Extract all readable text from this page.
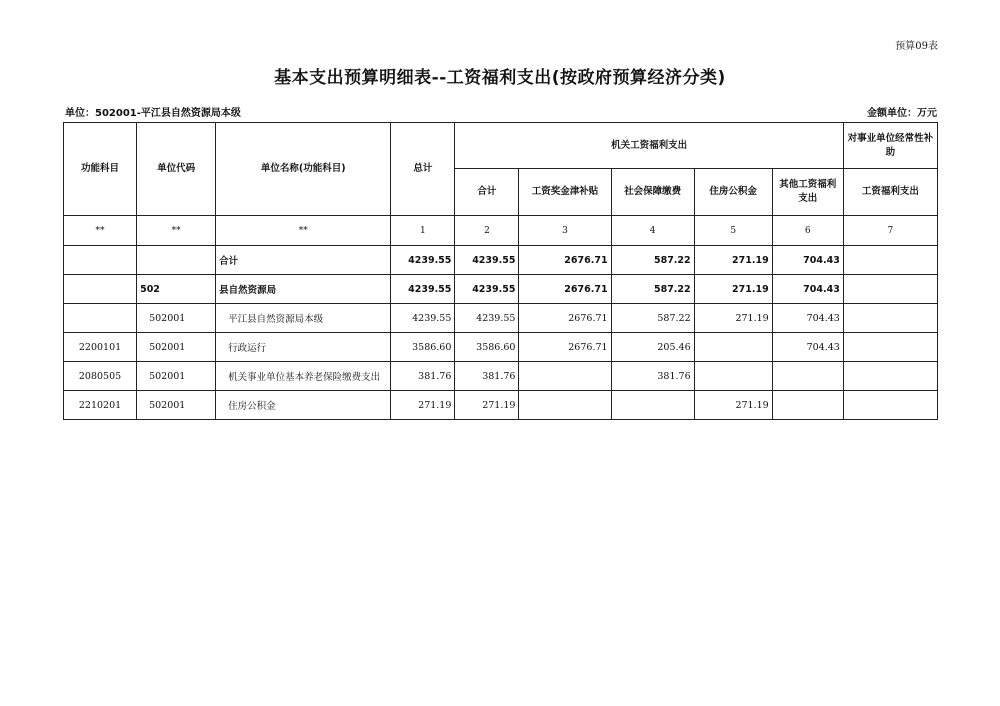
预算09表
基本支出预算明细表--工资福利支出(按政府预算经济分类)
单位：502001-平江县自然资源局本级	金额单位：万元
功能科目	单位代码	单位名称(功能科目)	总计	机关工资福利支出					对事业单位经常性补助
				合计	工资奖金津补贴	社会保障缴费	住房公积金	其他工资福利支出	工资福利支出
**	**	**	1	2	3	4	5	6	7
		合计	4239.55	4239.55	2676.71	587.22	271.19	704.43	
	502	县自然资源局	4239.55	4239.55	2676.71	587.22	271.19	704.43	
	502001	平江县自然资源局本级	4239.55	4239.55	2676.71	587.22	271.19	704.43	
2200101	502001	行政运行	3586.60	3586.60	2676.71	205.46		704.43	
2080505	502001	机关事业单位基本养老保险缴费支出	381.76	381.76		381.76			
2210201	502001	住房公积金	271.19	271.19			271.19		
